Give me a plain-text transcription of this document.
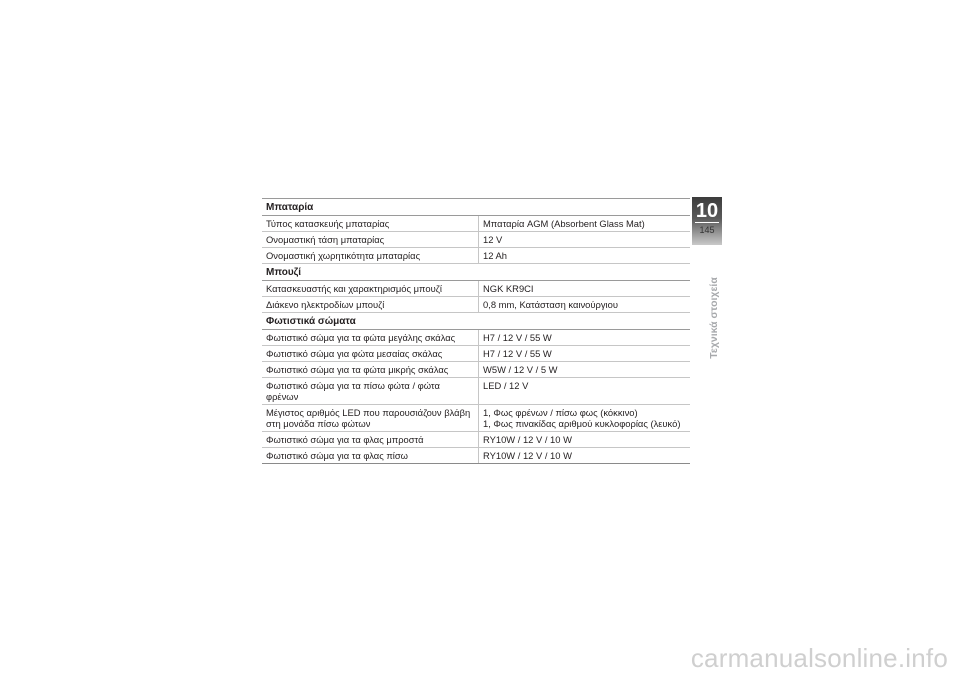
Μπαταρία	
Τύπος κατασκευής μπαταρίας	Μπαταρία AGM (Absorbent Glass Mat)
Ονομαστική τάση μπαταρίας	12 V
Ονομαστική χωρητικότητα μπαταρίας	12 Ah
Μπουζί	
Κατασκευαστής και χαρακτηρισμός μπουζί	NGK KR9CI
Διάκενο ηλεκτροδίων μπουζί	0,8 mm, Κατάσταση καινούργιου
Φωτιστικά σώματα	
Φωτιστικό σώμα για τα φώτα μεγάλης σκάλας	H7 / 12 V / 55 W
Φωτιστικό σώμα για φώτα μεσαίας σκάλας	H7 / 12 V / 55 W
Φωτιστικό σώμα για τα φώτα μικρής σκάλας	W5W / 12 V / 5 W
Φωτιστικό σώμα για τα πίσω φώτα / φώτα φρένων	LED / 12 V
Μέγιστος αριθμός LED που παρουσιάζουν βλάβη στη μονάδα πίσω φώτων	1, Φως φρένων / πίσω φως (κόκκινο)
1, Φως πινακίδας αριθμού κυκλοφορίας (λευκό)
Φωτιστικό σώμα για τα φλας μπροστά	RY10W / 12 V / 10 W
Φωτιστικό σώμα για τα φλας πίσω	RY10W / 12 V / 10 W
10
145
Τεχνικά στοιχεία
carmanualsonline.info
